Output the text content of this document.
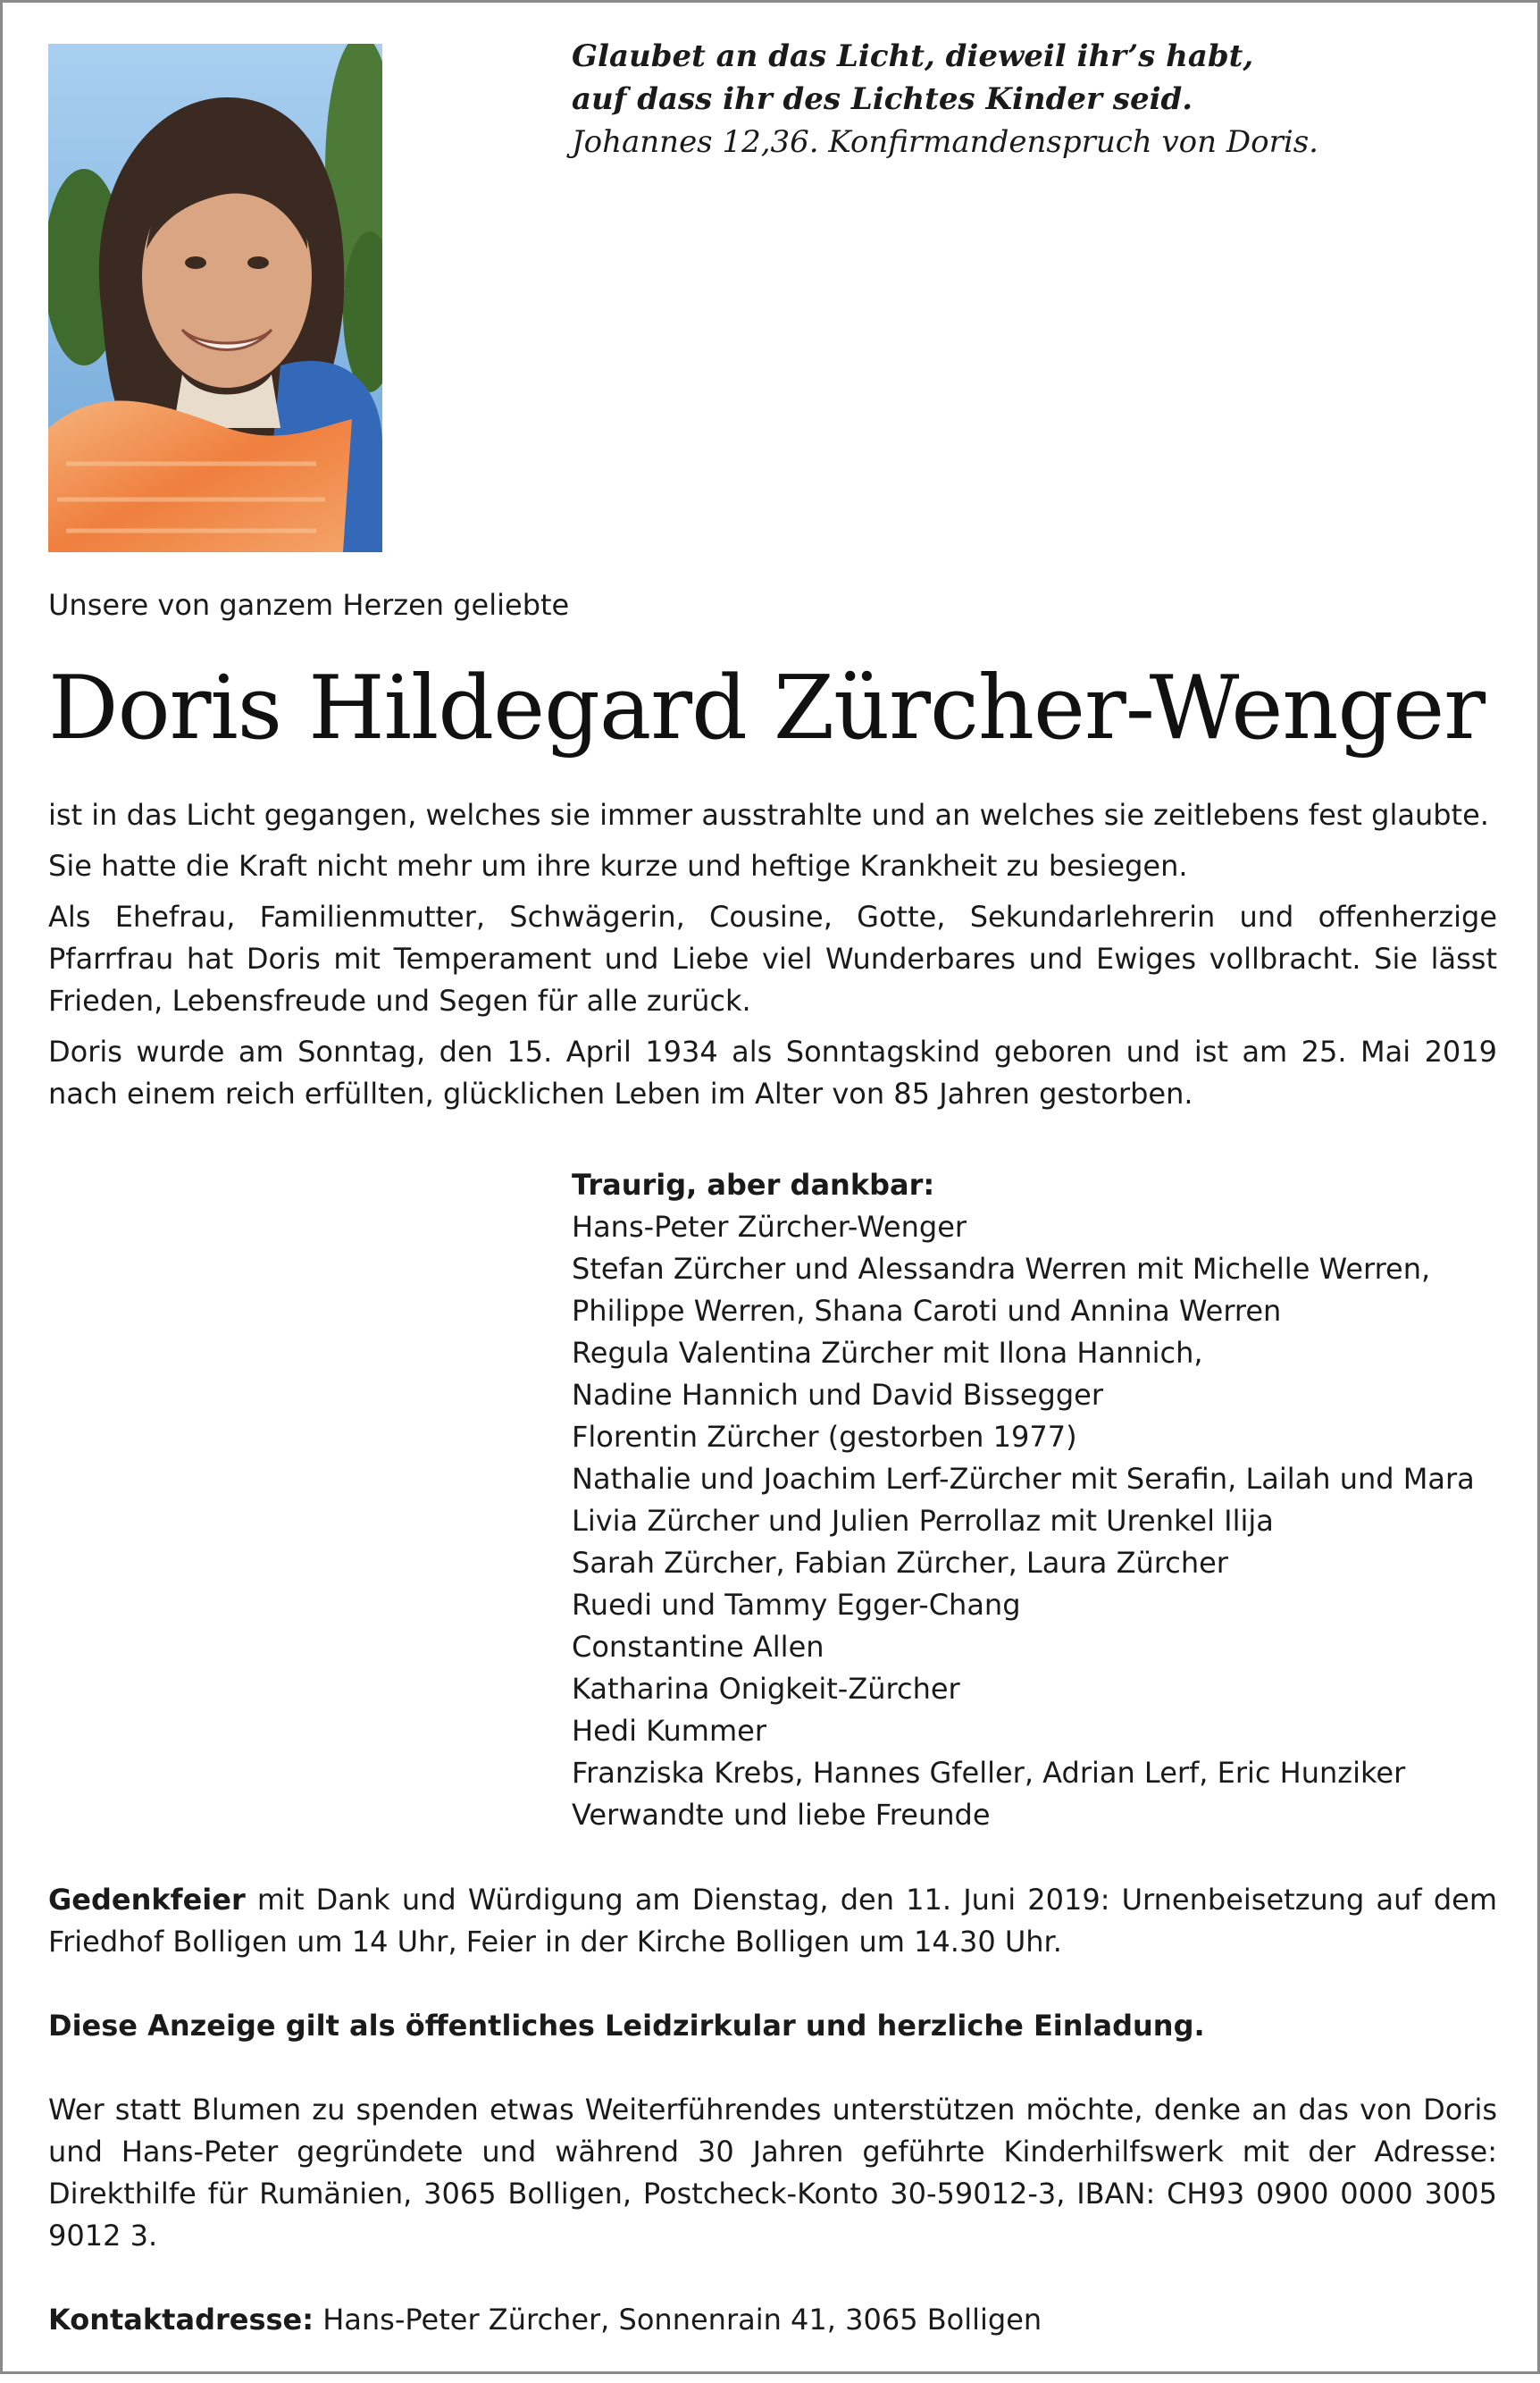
Glaubet an das Licht, dieweil ihr’s habt,
auf dass ihr des Lichtes Kinder seid.
Johannes 12,36. Konfirmandenspruch von Doris.
Unsere von ganzem Herzen geliebte
Doris Hildegard Zürcher-Wenger

ist in das Licht gegangen, welches sie immer ausstrahlte und an welches sie zeitlebens fest glaubte.

Sie hatte die Kraft nicht mehr um ihre kurze und heftige Krankheit zu besiegen.

Als Ehefrau, Familienmutter, Schwägerin, Cousine, Gotte, Sekundarlehrerin und offenherzige Pfarrfrau hat Doris mit Temperament und Liebe viel Wunderbares und Ewiges vollbracht. Sie lässt Frieden, Lebensfreude und Segen für alle zurück.

Doris wurde am Sonntag, den 15. April 1934 als Sonntagskind geboren und ist am 25. Mai 2019 nach einem reich erfüllten, glücklichen Leben im Alter von 85 Jahren gestorben.

Traurig, aber dankbar:
Hans-Peter Zürcher-Wenger
Stefan Zürcher und Alessandra Werren mit Michelle Werren,
Philippe Werren, Shana Caroti und Annina Werren
Regula Valentina Zürcher mit Ilona Hannich,
Nadine Hannich und David Bissegger
Florentin Zürcher (gestorben 1977)
Nathalie und Joachim Lerf-Zürcher mit Serafin, Lailah und Mara
Livia Zürcher und Julien Perrollaz mit Urenkel Ilija
Sarah Zürcher, Fabian Zürcher, Laura Zürcher
Ruedi und Tammy Egger-Chang
Constantine Allen
Katharina Onigkeit-Zürcher
Hedi Kummer
Franziska Krebs, Hannes Gfeller, Adrian Lerf, Eric Hunziker
Verwandte und liebe Freunde

Gedenkfeier mit Dank und Würdigung am Dienstag, den 11. Juni 2019: Urnenbeisetzung auf dem Friedhof Bolligen um 14 Uhr, Feier in der Kirche Bolligen um 14.30 Uhr.

Diese Anzeige gilt als öffentliches Leidzirkular und herzliche Einladung.

Wer statt Blumen zu spenden etwas Weiterführendes unterstützen möchte, denke an das von Doris und Hans-Peter gegründete und während 30 Jahren geführte Kinderhilfswerk mit der Adresse: Direkthilfe für Rumänien, 3065 Bolligen, Postcheck-Konto 30-59012-3, IBAN: CH93 0900 0000 3005 9012 3.

Kontaktadresse: Hans-Peter Zürcher, Sonnenrain 41, 3065 Bolligen
